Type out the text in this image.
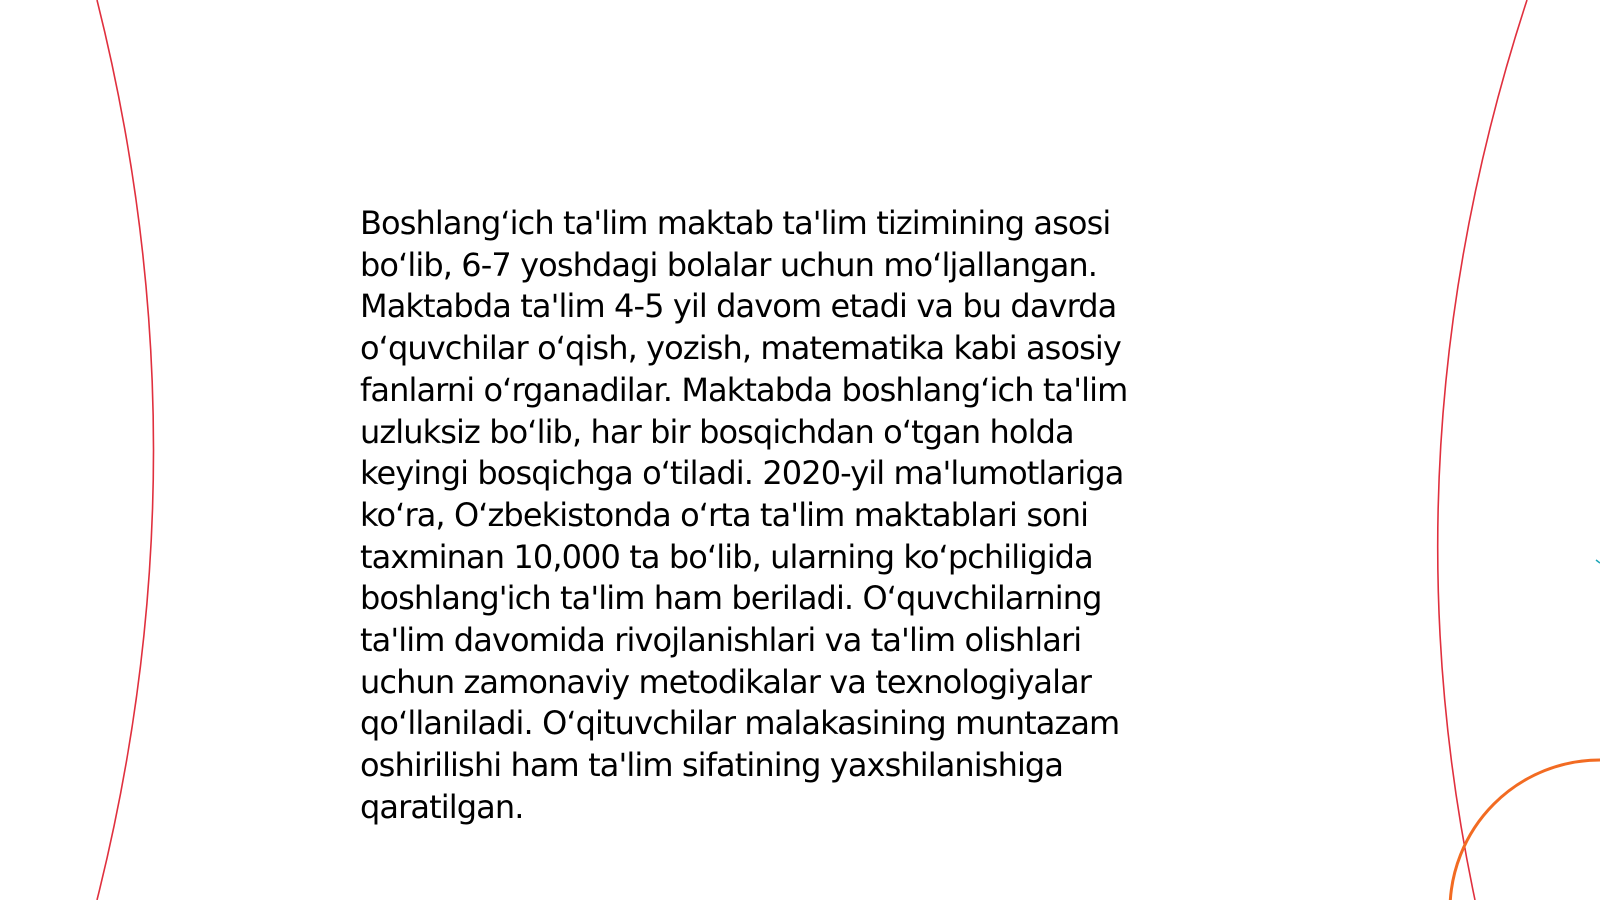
Boshlangʻich ta'lim maktab ta'lim tizimining asosi
boʻlib, 6-7 yoshdagi bolalar uchun moʻljallangan.
Maktabda ta'lim 4-5 yil davom etadi va bu davrda
oʻquvchilar oʻqish, yozish, matematika kabi asosiy
fanlarni oʻrganadilar. Maktabda boshlangʻich ta'lim
uzluksiz boʻlib, har bir bosqichdan oʻtgan holda
keyingi bosqichga oʻtiladi. 2020-yil ma'lumotlariga
koʻra, Oʻzbekistonda oʻrta ta'lim maktablari soni
taxminan 10,000 ta boʻlib, ularning koʻpchiligida
boshlang'ich ta'lim ham beriladi. Oʻquvchilarning
ta'lim davomida rivojlanishlari va ta'lim olishlari
uchun zamonaviy metodikalar va texnologiyalar
qoʻllaniladi. Oʻqituvchilar malakasining muntazam
oshirilishi ham ta'lim sifatining yaxshilanishiga
qaratilgan.
